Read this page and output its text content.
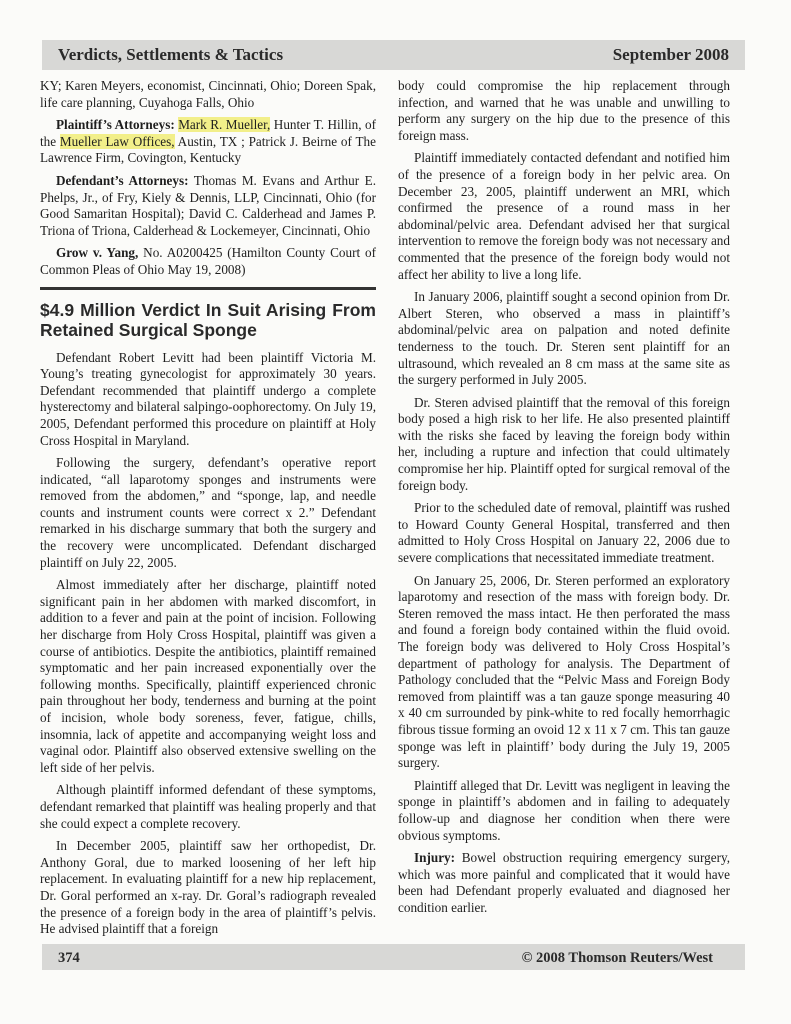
Verdicts, Settlements & Tactics	September 2008

KY; Karen Meyers, economist, Cincinnati, Ohio; Doreen Spak, life care planning, Cuyahoga Falls, Ohio

Plaintiff’s Attorneys: Mark R. Mueller, Hunter T. Hillin, of the Mueller Law Offices, Austin, TX ; Patrick J. Beirne of The Lawrence Firm, Covington, Kentucky

Defendant’s Attorneys: Thomas M. Evans and Arthur E. Phelps, Jr., of Fry, Kiely & Dennis, LLP, Cincinnati, Ohio (for Good Samaritan Hospital); David C. Calderhead and James P. Triona of Triona, Calderhead & Lockemeyer, Cincinnati, Ohio

Grow v. Yang, No. A0200425 (Hamilton County Court of Common Pleas of Ohio May 19, 2008)

$4.9 Million Verdict In Suit Arising From Retained Surgical Sponge

Defendant Robert Levitt had been plaintiff Victoria M. Young’s treating gynecologist for approximately 30 years. Defendant recommended that plaintiff undergo a complete hysterectomy and bilateral salpingo-oophorectomy. On July 19, 2005, Defendant performed this procedure on plaintiff at Holy Cross Hospital in Maryland.

Following the surgery, defendant’s operative report indicated, “all laparotomy sponges and instruments were removed from the abdomen,” and “sponge, lap, and needle counts and instrument counts were correct x 2.” Defendant remarked in his discharge summary that both the surgery and the recovery were uncomplicated. Defendant discharged plaintiff on July 22, 2005.

Almost immediately after her discharge, plaintiff noted significant pain in her abdomen with marked discomfort, in addition to a fever and pain at the point of incision. Following her discharge from Holy Cross Hospital, plaintiff was given a course of antibiotics. Despite the antibiotics, plaintiff remained symptomatic and her pain increased exponentially over the following months. Specifically, plaintiff experienced chronic pain throughout her body, tenderness and burning at the point of incision, whole body soreness, fever, fatigue, chills, insomnia, lack of appetite and accompanying weight loss and vaginal odor. Plaintiff also observed extensive swelling on the left side of her pelvis.

Although plaintiff informed defendant of these symptoms, defendant remarked that plaintiff was healing properly and that she could expect a complete recovery.

In December 2005, plaintiff saw her orthopedist, Dr. Anthony Goral, due to marked loosening of her left hip replacement. In evaluating plaintiff for a new hip replacement, Dr. Goral performed an x-ray. Dr. Goral’s radiograph revealed the presence of a foreign body in the area of plaintiff’s pelvis. He advised plaintiff that a foreign

body could compromise the hip replacement through infection, and warned that he was unable and unwilling to perform any surgery on the hip due to the presence of this foreign mass.

Plaintiff immediately contacted defendant and notified him of the presence of a foreign body in her pelvic area. On December 23, 2005, plaintiff underwent an MRI, which confirmed the presence of a round mass in her abdominal/pelvic area. Defendant advised her that surgical intervention to remove the foreign body was not necessary and commented that the presence of the foreign body would not affect her ability to live a long life.

In January 2006, plaintiff sought a second opinion from Dr. Albert Steren, who observed a mass in plaintiff’s abdominal/pelvic area on palpation and noted definite tenderness to the touch. Dr. Steren sent plaintiff for an ultrasound, which revealed an 8 cm mass at the same site as the surgery performed in July 2005.

Dr. Steren advised plaintiff that the removal of this foreign body posed a high risk to her life. He also presented plaintiff with the risks she faced by leaving the foreign body within her, including a rupture and infection that could ultimately compromise her hip. Plaintiff opted for surgical removal of the foreign body.

Prior to the scheduled date of removal, plaintiff was rushed to Howard County General Hospital, transferred and then admitted to Holy Cross Hospital on January 22, 2006 due to severe complications that necessitated immediate treatment.

On January 25, 2006, Dr. Steren performed an exploratory laparotomy and resection of the mass with foreign body. Dr. Steren removed the mass intact. He then perforated the mass and found a foreign body contained within the fluid ovoid. The foreign body was delivered to Holy Cross Hospital’s department of pathology for analysis. The Department of Pathology concluded that the “Pelvic Mass and Foreign Body removed from plaintiff was a tan gauze sponge measuring 40 x 40 cm surrounded by pink-white to red focally hemorrhagic fibrous tissue forming an ovoid 12 x 11 x 7 cm. This tan gauze sponge was left in plaintiff’ body during the July 19, 2005 surgery.

Plaintiff alleged that Dr. Levitt was negligent in leaving the sponge in plaintiff’s abdomen and in failing to adequately follow-up and diagnose her condition when there were obvious symptoms.

Injury: Bowel obstruction requiring emergency surgery, which was more painful and complicated that it would have been had Defendant properly evaluated and diagnosed her condition earlier.

374	© 2008 Thomson Reuters/West
